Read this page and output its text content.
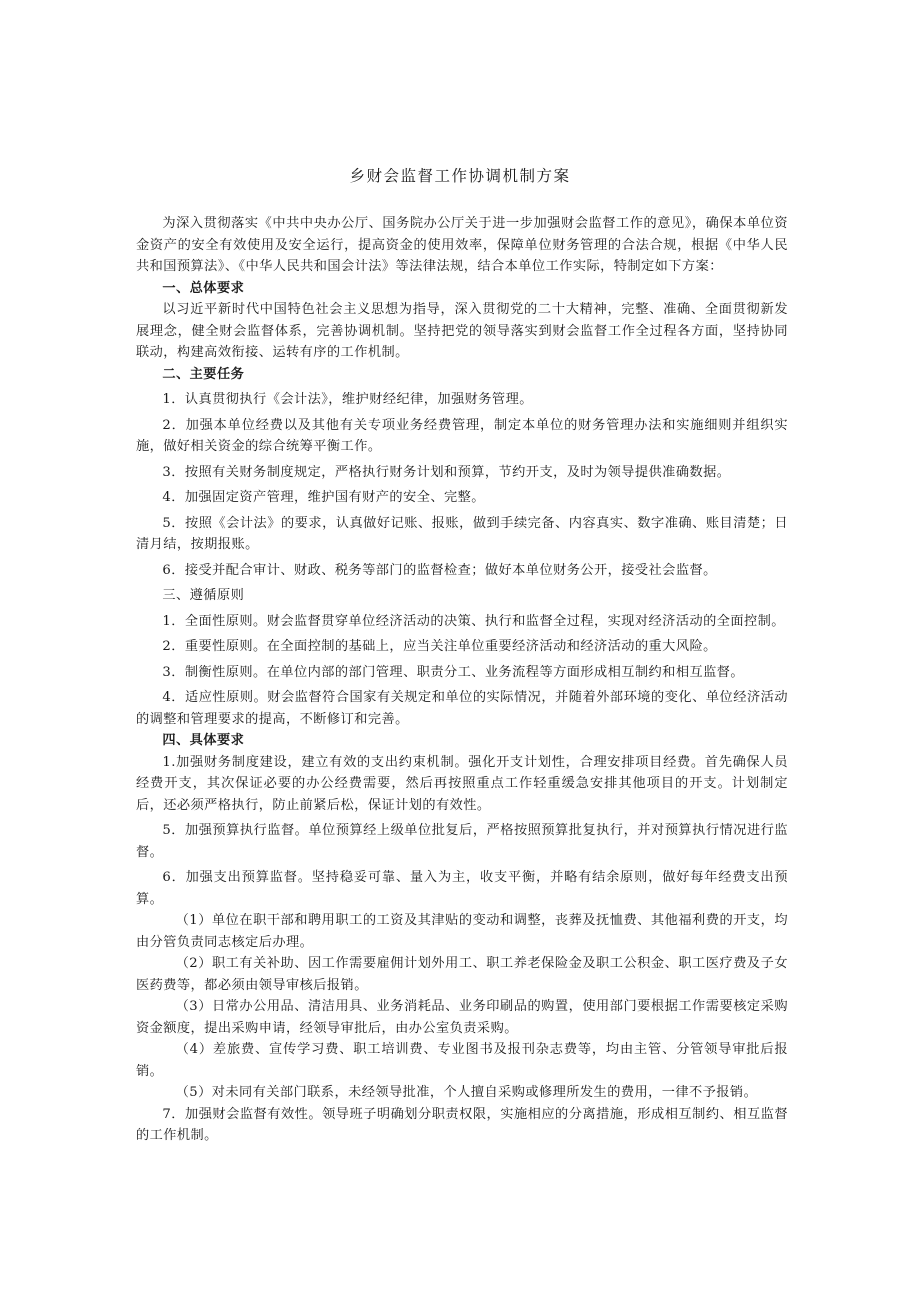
乡财会监督工作协调机制方案

为深入贯彻落实《中共中央办公厅、国务院办公厅关于进一步加强财会监督工作的意见》，确保本单位资金资产的安全有效使用及安全运行，提高资金的使用效率，保障单位财务管理的合法合规，根据《中华人民共和国预算法》、《中华人民共和国会计法》等法律法规，结合本单位工作实际，特制定如下方案：

一、总体要求

以习近平新时代中国特色社会主义思想为指导，深入贯彻党的二十大精神，完整、准确、全面贯彻新发展理念，健全财会监督体系，完善协调机制。坚持把党的领导落实到财会监督工作全过程各方面，坚持协同联动，构建高效衔接、运转有序的工作机制。

二、主要任务

1．认真贯彻执行《会计法》，维护财经纪律，加强财务管理。

2．加强本单位经费以及其他有关专项业务经费管理，制定本单位的财务管理办法和实施细则并组织实施，做好相关资金的综合统筹平衡工作。

3．按照有关财务制度规定，严格执行财务计划和预算，节约开支，及时为领导提供准确数据。

4．加强固定资产管理，维护国有财产的安全、完整。

5．按照《会计法》的要求，认真做好记账、报账，做到手续完备、内容真实、数字准确、账目清楚；日清月结，按期报账。

6．接受并配合审计、财政、税务等部门的监督检查；做好本单位财务公开，接受社会监督。

三、遵循原则

1．全面性原则。财会监督贯穿单位经济活动的决策、执行和监督全过程，实现对经济活动的全面控制。

2．重要性原则。在全面控制的基础上，应当关注单位重要经济活动和经济活动的重大风险。

3．制衡性原则。在单位内部的部门管理、职责分工、业务流程等方面形成相互制约和相互监督。

4．适应性原则。财会监督符合国家有关规定和单位的实际情况，并随着外部环境的变化、单位经济活动的调整和管理要求的提高，不断修订和完善。

四、具体要求

1.加强财务制度建设，建立有效的支出约束机制。强化开支计划性，合理安排项目经费。首先确保人员经费开支，其次保证必要的办公经费需要，然后再按照重点工作轻重缓急安排其他项目的开支。计划制定后，还必须严格执行，防止前紧后松，保证计划的有效性。

5．加强预算执行监督。单位预算经上级单位批复后，严格按照预算批复执行，并对预算执行情况进行监督。

6．加强支出预算监督。坚持稳妥可靠、量入为主，收支平衡，并略有结余原则，做好每年经费支出预算。

（1）单位在职干部和聘用职工的工资及其津贴的变动和调整，丧葬及抚恤费、其他福利费的开支，均由分管负责同志核定后办理。

（2）职工有关补助、因工作需要雇佣计划外用工、职工养老保险金及职工公积金、职工医疗费及子女医药费等，都必须由领导审核后报销。

（3）日常办公用品、清洁用具、业务消耗品、业务印刷品的购置，使用部门要根据工作需要核定采购资金额度，提出采购申请，经领导审批后，由办公室负责采购。

（4）差旅费、宣传学习费、职工培训费、专业图书及报刊杂志费等，均由主管、分管领导审批后报销。

（5）对未同有关部门联系，未经领导批准，个人擅自采购或修理所发生的费用，一律不予报销。

7．加强财会监督有效性。领导班子明确划分职责权限，实施相应的分离措施，形成相互制约、相互监督的工作机制。
